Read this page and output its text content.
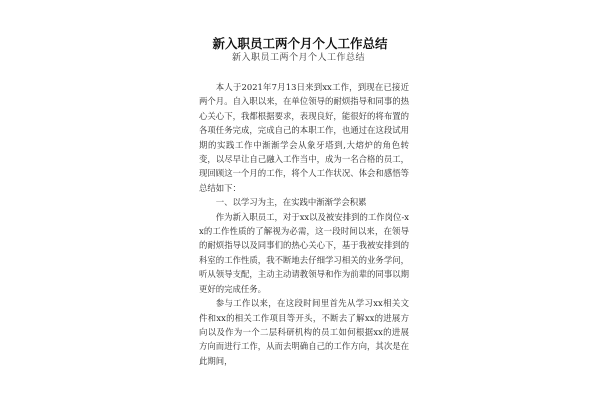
新入职员工两个月个人工作总结

新入职员工两个月个人工作总结

本人于2021年7月13日来到xx工作，到现在已接近两个月。自入职以来，在单位领导的耐烦指导和同事的热心关心下，我都根据要求，表现良好，能很好的将布置的各项任务完成，完成自己的本职工作，也通过在这段试用期的实践工作中渐渐学会从象牙塔到,大熔炉的角色转变，以尽早让自己融入工作当中，成为一名合格的员工，现回顾这一个月的工作，将个人工作状况、体会和感悟等总结如下：

一、以学习为主，在实践中渐渐学会积累

作为新入职员工，对于xx以及被安排到的工作岗位-xx的工作性质的了解视为必需，这一段时间以来，在领导的耐烦指导以及同事们的热心关心下，基于我被安排到的科室的工作性质，我不断地去仔细学习相关的业务学问，听从领导支配，主动主动请教领导和作为前辈的同事以期更好的完成任务。

参与工作以来，在这段时间里首先从学习xx相关文件和xx的相关工作项目等开头，不断去了解xx的进展方向以及作为一个二层科研机构的员工如何根据xx的进展方向而进行工作，从而去明确自己的工作方向，其次是在此期间，
